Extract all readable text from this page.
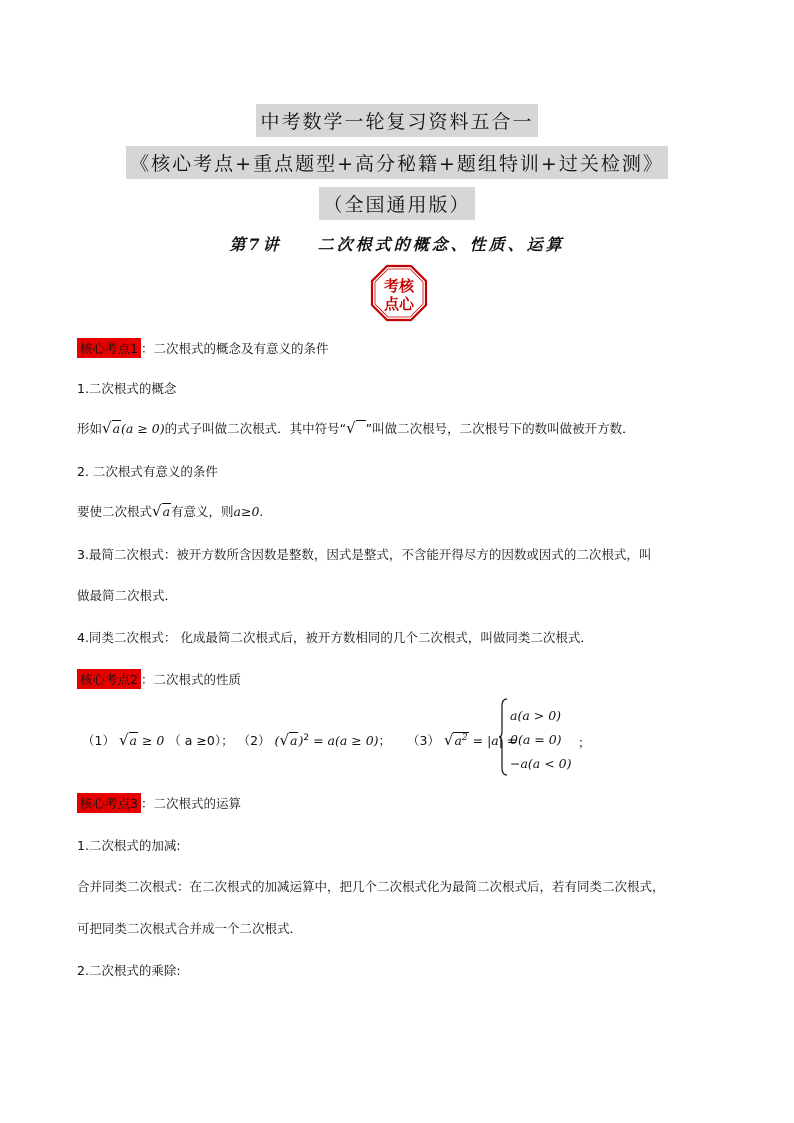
中考数学一轮复习资料五合一
《核心考点+重点题型+高分秘籍+题组特训+过关检测》
（全国通用版）
第7讲 二次根式的概念、性质、运算
考核
点心
核心考点1 ：二次根式的概念及有意义的条件
1.二次根式的概念
形如√a(a ≥ 0)的式子叫做二次根式．其中符号“√ ”叫做二次根号，二次根号下的数叫做被开方数．
2. 二次根式有意义的条件
要使二次根式√a有意义，则a≥0.
3.最简二次根式：被开方数所含因数是整数，因式是整式，不含能开得尽方的因数或因式的二次根式，叫
做最简二次根式．
4.同类二次根式： 化成最简二次根式后，被开方数相同的几个二次根式，叫做同类二次根式．
核心考点2 ：二次根式的性质
（1） √a ≥ 0 （ a ≥0）； （2） $(√a)^2 = a(a \ge 0)$； （3） $√a^2 = |a|$ =
a(a > 0)
0(a = 0)
−a(a < 0)
；
核心考点3 ：二次根式的运算
1.二次根式的加减:
合并同类二次根式：在二次根式的加减运算中，把几个二次根式化为最简二次根式后，若有同类二次根式，
可把同类二次根式合并成一个二次根式．
2.二次根式的乘除:
